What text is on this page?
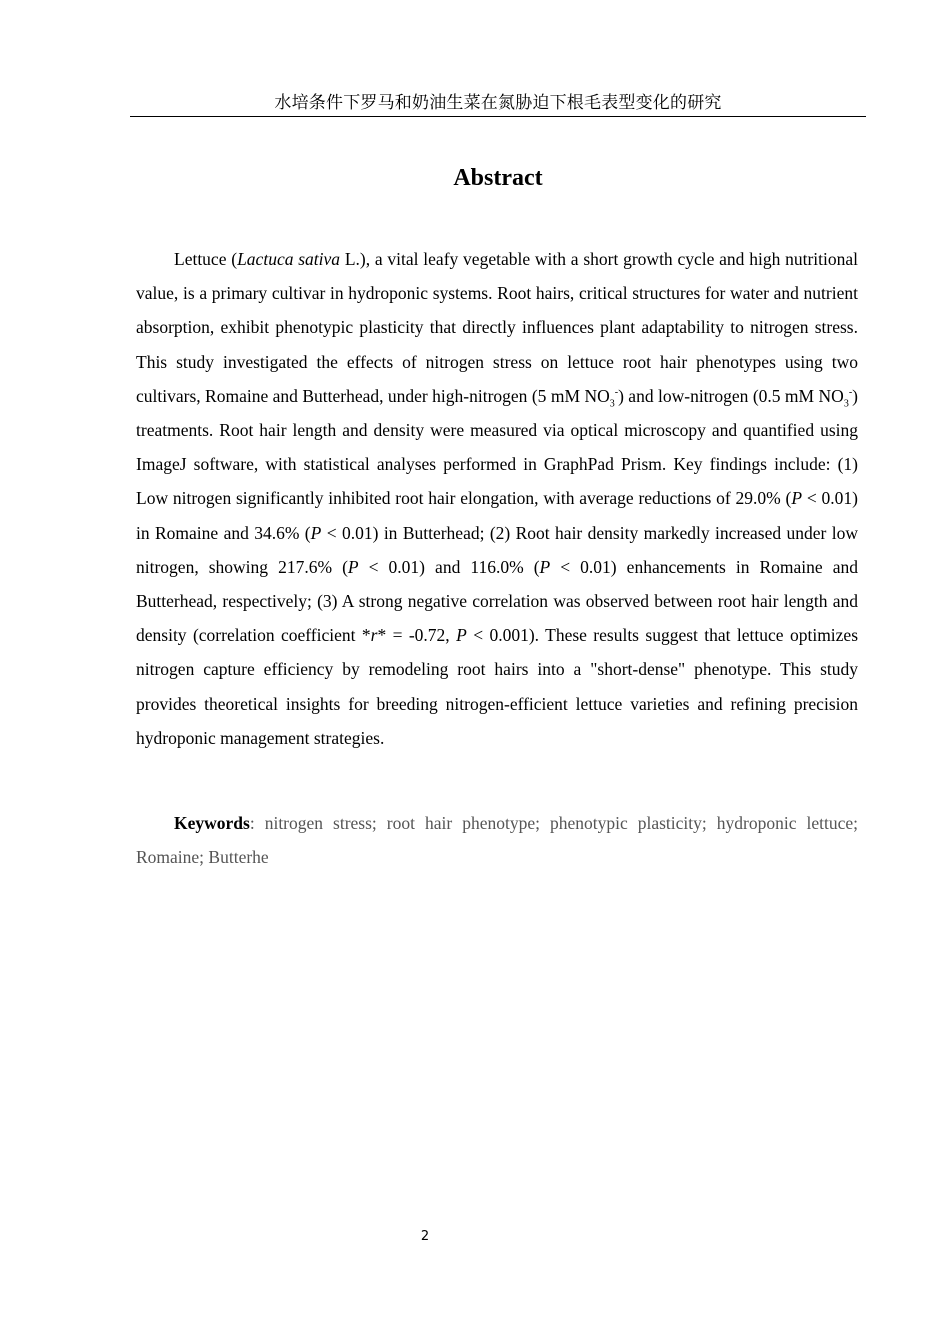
水培条件下罗马和奶油生菜在氮胁迫下根毛表型变化的研究
Abstract

Lettuce (Lactuca sativa L.), a vital leafy vegetable with a short growth cycle and high nutritional value, is a primary cultivar in hydroponic systems. Root hairs, critical structures for water and nutrient absorption, exhibit phenotypic plasticity that directly influences plant adaptability to nitrogen stress. This study investigated the effects of nitrogen stress on lettuce root hair phenotypes using two cultivars, Romaine and Butterhead, under high-nitrogen (5 mM $NO_3^-$) and low-nitrogen (0.5 mM $NO_3^-$) treatments. Root hair length and density were measured via optical microscopy and quantified using ImageJ software, with statistical analyses performed in GraphPad Prism. Key findings include: (1) Low nitrogen significantly inhibited root hair elongation, with average reductions of 29.0% (P < 0.01) in Romaine and 34.6% (P < 0.01) in Butterhead; (2) Root hair density markedly increased under low nitrogen, showing 217.6% (P < 0.01) and 116.0% (P < 0.01) enhancements in Romaine and Butterhead, respectively; (3) A strong negative correlation was observed between root hair length and density (correlation coefficient *r* = -0.72, P < 0.001). These results suggest that lettuce optimizes nitrogen capture efficiency by remodeling root hairs into a "short-dense" phenotype. This study provides theoretical insights for breeding nitrogen-efficient lettuce varieties and refining precision hydroponic management strategies.

Keywords: nitrogen stress; root hair phenotype; phenotypic plasticity; hydroponic lettuce; Romaine; Butterhe

2
